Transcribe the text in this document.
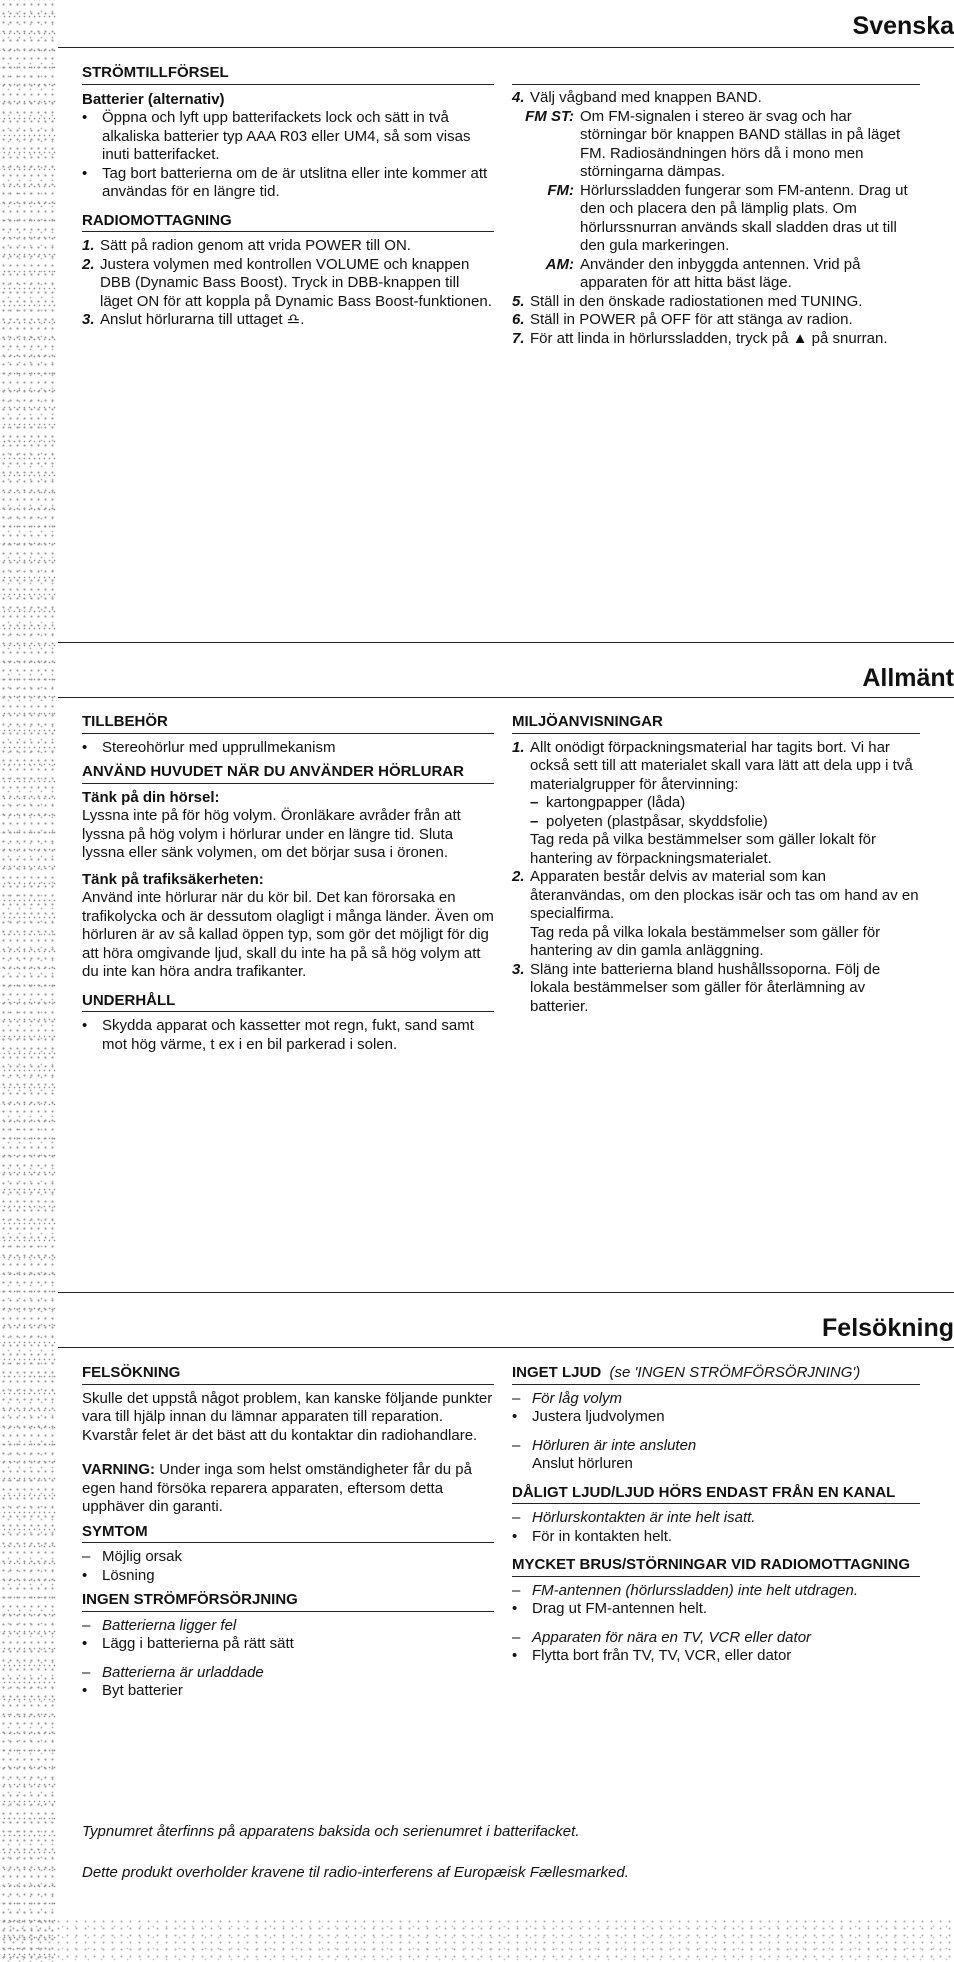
Svenska
STRÖMTILLFÖRSEL
Batterier (alternativ)
• Öppna och lyft upp batterifackets lock och sätt in två alkaliska batterier typ AAA R03 eller UM4, så som visas inuti batterifacket.
• Tag bort batterierna om de är utslitna eller inte kommer att användas för en längre tid.
RADIOMOTTAGNING
1. Sätt på radion genom att vrida POWER till ON.
2. Justera volymen med kontrollen VOLUME och knappen DBB (Dynamic Bass Boost). Tryck in DBB-knappen till läget ON för att koppla på Dynamic Bass Boost-funktionen.
3. Anslut hörlurarna till uttaget ♎.
4. Välj vågband med knappen BAND.
FM ST: Om FM-signalen i stereo är svag och har störningar bör knappen BAND ställas in på läget FM. Radiosändningen hörs då i mono men störningarna dämpas.
FM: Hörlurssladden fungerar som FM-antenn. Drag ut den och placera den på lämplig plats. Om hörlurssnurran används skall sladden dras ut till den gula markeringen.
AM: Använder den inbyggda antennen. Vrid på apparaten för att hitta bäst läge.
5. Ställ in den önskade radiostationen med TUNING.
6. Ställ in POWER på OFF för att stänga av radion.
7. För att linda in hörlurssladden, tryck på ▲ på snurran.
Allmänt
TILLBEHÖR
• Stereohörlur med upprullmekanism
ANVÄND HUVUDET NÄR DU ANVÄNDER HÖRLURAR
Tänk på din hörsel:

Lyssna inte på för hög volym. Öronläkare avråder från att lyssna på hög volym i hörlurar under en längre tid. Sluta lyssna eller sänk volymen, om det börjar susa i öronen.

Tänk på trafiksäkerheten:

Använd inte hörlurar när du kör bil. Det kan förorsaka en trafikolycka och är dessutom olagligt i många länder. Även om hörluren är av så kallad öppen typ, som gör det möjligt för dig att höra omgivande ljud, skall du inte ha på så hög volym att du inte kan höra andra trafikanter.

UNDERHÅLL
• Skydda apparat och kassetter mot regn, fukt, sand samt mot hög värme, t ex i en bil parkerad i solen.
MILJÖANVISNINGAR
1. Allt onödigt förpackningsmaterial har tagits bort. Vi har också sett till att materialet skall vara lätt att dela upp i två materialgrupper för återvinning:
– kartongpapper (låda)
– polyeten (plastpåsar, skyddsfolie)
Tag reda på vilka bestämmelser som gäller lokalt för hantering av förpackningsmaterialet.
2. Apparaten består delvis av material som kan återanvändas, om den plockas isär och tas om hand av en specialfirma.
Tag reda på vilka lokala bestämmelser som gäller för hantering av din gamla anläggning.
3. Släng inte batterierna bland hushållssoporna. Följ de lokala bestämmelser som gäller för återlämning av batterier.
Felsökning
FELSÖKNING

Skulle det uppstå något problem, kan kanske följande punkter vara till hjälp innan du lämnar apparaten till reparation. Kvarstår felet är det bäst att du kontaktar din radiohandlare.

VARNING: Under inga som helst omständigheter får du på egen hand försöka reparera apparaten, eftersom detta upphäver din garanti.

SYMTOM
– Möjlig orsak
• Lösning
INGEN STRÖMFÖRSÖRJNING
– Batterierna ligger fel
• Lägg i batterierna på rätt sätt
– Batterierna är urladdade
• Byt batterier
INGET LJUD (se 'INGEN STRÖMFÖRSÖRJNING')
– För låg volym
• Justera ljudvolymen
– Hörluren är inte ansluten
Anslut hörluren
DÅLIGT LJUD/LJUD HÖRS ENDAST FRÅN EN KANAL
– Hörlurskontakten är inte helt isatt.
• För in kontakten helt.
MYCKET BRUS/STÖRNINGAR VID RADIOMOTTAGNING
– FM-antennen (hörlurssladden) inte helt utdragen.
• Drag ut FM-antennen helt.
– Apparaten för nära en TV, VCR eller dator
• Flytta bort från TV, TV, VCR, eller dator
Typnumret återfinns på apparatens baksida och serienumret i batterifacket.
Dette produkt overholder kravene til radio-interferens af Europæisk Fællesmarked.
